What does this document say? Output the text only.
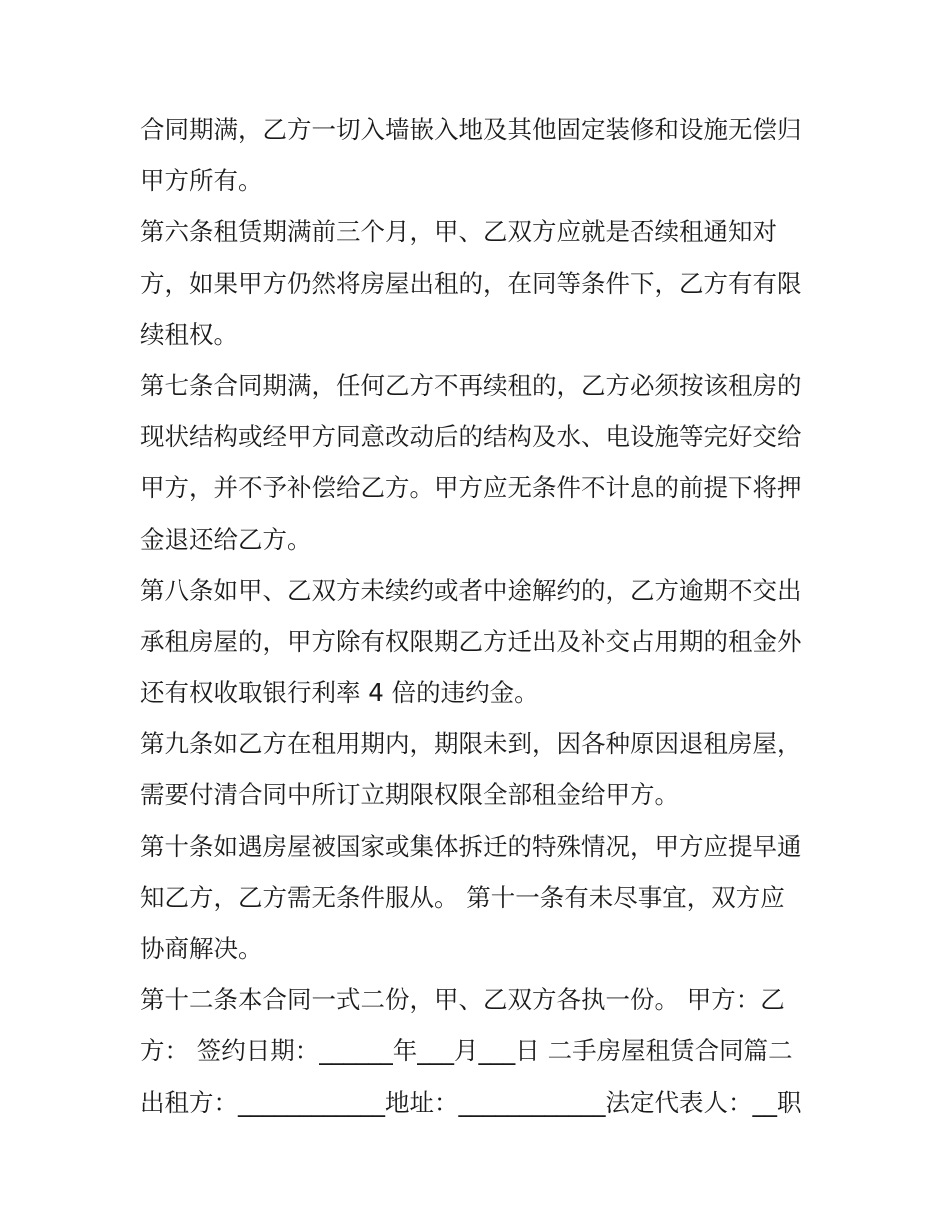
合同期满，乙方一切入墙嵌入地及其他固定装修和设施无偿归
甲方所有。
第六条租赁期满前三个月，甲、乙双方应就是否续租通知对
方，如果甲方仍然将房屋出租的，在同等条件下，乙方有有限
续租权。
第七条合同期满，任何乙方不再续租的，乙方必须按该租房的
现状结构或经甲方同意改动后的结构及水、电设施等完好交给
甲方，并不予补偿给乙方。甲方应无条件不计息的前提下将押
金退还给乙方。
第八条如甲、乙双方未续约或者中途解约的，乙方逾期不交出
承租房屋的，甲方除有权限期乙方迁出及补交占用期的租金外
还有权收取银行利率 4 倍的违约金。
第九条如乙方在租用期内，期限未到，因各种原因退租房屋，
需要付清合同中所订立期限权限全部租金给甲方。
第十条如遇房屋被国家或集体拆迁的特殊情况，甲方应提早通
知乙方，乙方需无条件服从。 第十一条有未尽事宜，双方应
协商解决。
第十二条本合同一式二份，甲、乙双方各执一份。 甲方：乙
方： 签约日期：______年___月___日 二手房屋租赁合同篇二
出租方：____________地址：____________法定代表人：__职
